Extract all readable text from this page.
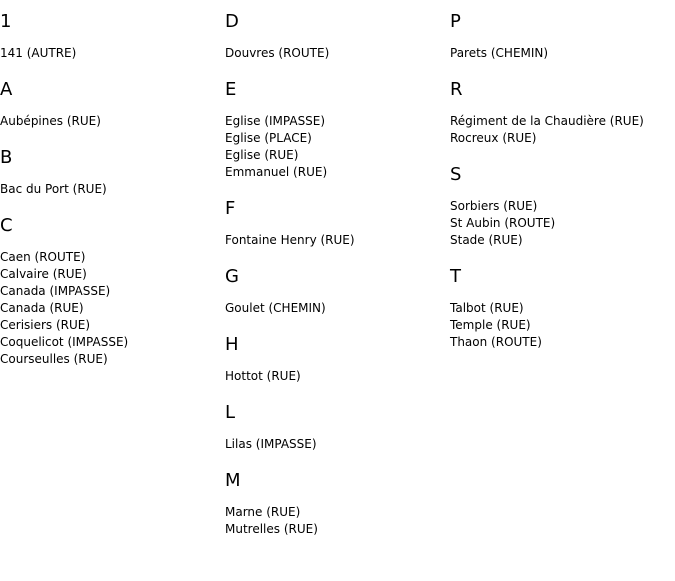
1
141 (AUTRE)
A
Aubépines (RUE)
B
Bac du Port (RUE)
C
Caen (ROUTE)
Calvaire (RUE)
Canada (IMPASSE)
Canada (RUE)
Cerisiers (RUE)
Coquelicot (IMPASSE)
Courseulles (RUE)
D
Douvres (ROUTE)
E
Eglise (IMPASSE)
Eglise (PLACE)
Eglise (RUE)
Emmanuel (RUE)
F
Fontaine Henry (RUE)
G
Goulet (CHEMIN)
H
Hottot (RUE)
L
Lilas (IMPASSE)
M
Marne (RUE)
Mutrelles (RUE)
P
Parets (CHEMIN)
R
Régiment de la Chaudière (RUE)
Rocreux (RUE)
S
Sorbiers (RUE)
St Aubin (ROUTE)
Stade (RUE)
T
Talbot (RUE)
Temple (RUE)
Thaon (ROUTE)
